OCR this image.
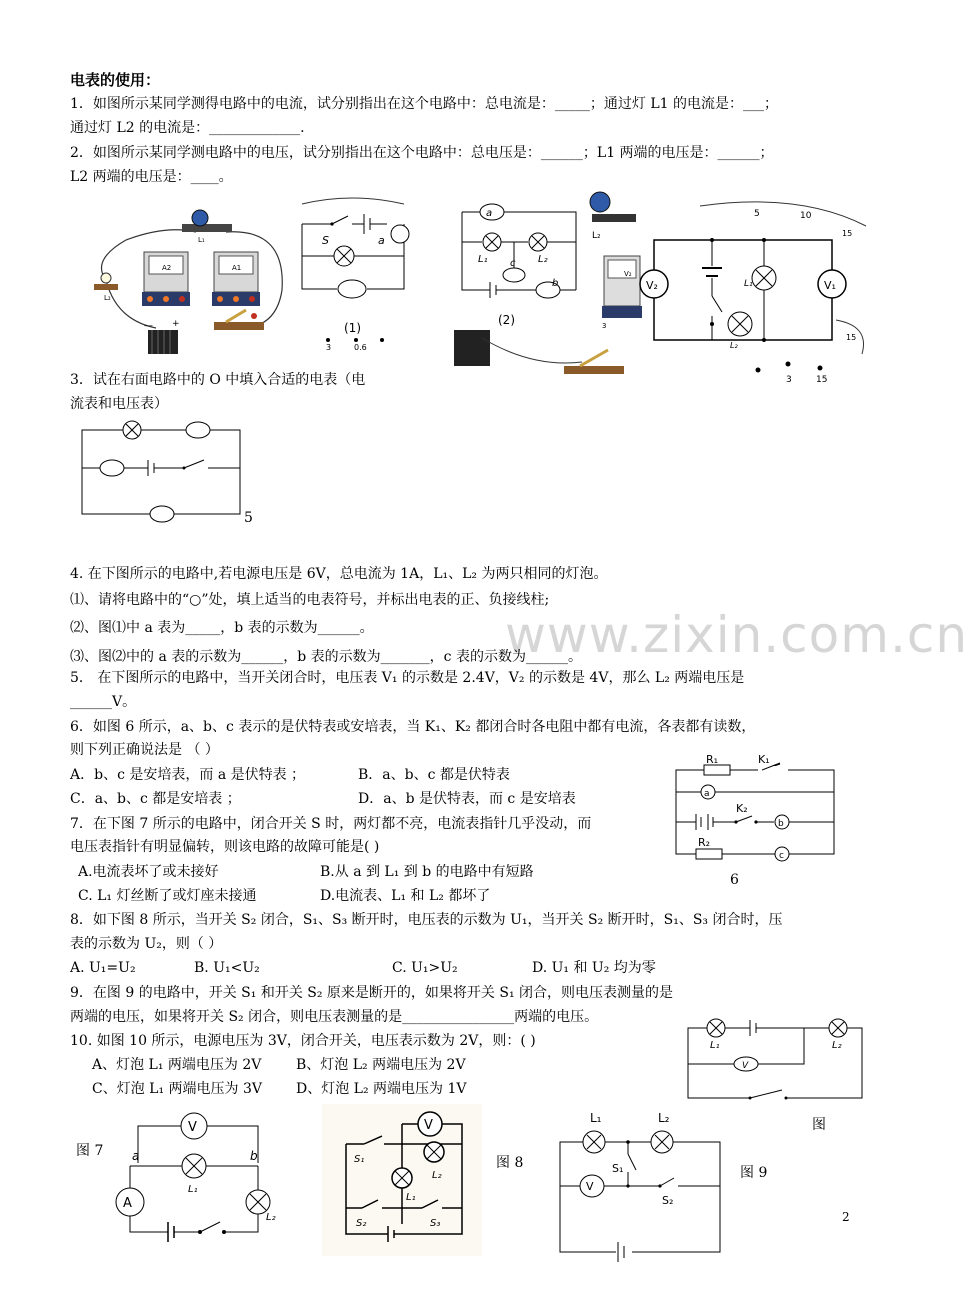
www.zixin.com.cn
电表的使用：
1．如图所示某同学测得电路中的电流，试分别指出在这个电路中：总电流是：_____；通过灯 L1 的电流是：___；
通过灯 L2 的电流是：_____________.
2．如图所示某同学测电路中的电压，试分别指出在这个电路中：总电压是：______；L1 两端的电压是：______；
L2 两端的电压是：____。
3．试在右面电路中的 O 中填入合适的电表（电
流表和电压表）
4. 在下图所示的电路中,若电源电压是 6V，总电流为 1A，L₁、L₂ 为两只相同的灯泡。
⑴、请将电路中的“○”处，填上适当的电表符号，并标出电表的正、负接线柱;
⑵、图⑴中 a 表为_____，b 表的示数为______。
⑶、图⑵中的 a 表的示数为______，b 表的示数为_______，c 表的示数为______。
5． 在下图所示的电路中，当开关闭合时，电压表 V₁ 的示数是 2.4V，V₂ 的示数是 4V，那么 L₂ 两端电压是
______V。
6．如图 6 所示，a、b、c 表示的是伏特表或安培表，当 K₁、K₂ 都闭合时各电阻中都有电流，各表都有读数，
则下列正确说法是 （ ）
A．b、c 是安培表，而 a 是伏特表 ；	B．a、b、c 都是伏特表
C．a、b、c 都是安培表 ；	D．a、b 是伏特表，而 c 是安培表
7．在下图 7 所示的电路中，闭合开关 S 时，两灯都不亮，电流表指针几乎没动，而
电压表指针有明显偏转，则该电路的故障可能是( )
A.电流表坏了或未接好	B.从 a 到 L₁ 到 b 的电路中有短路
C. L₁ 灯丝断了或灯座未接通	D.电流表、L₁ 和 L₂ 都坏了
8．如下图 8 所示，当开关 S₂ 闭合，S₁、S₃ 断开时，电压表的示数为 U₁，当开关 S₂ 断开时，S₁、S₃ 闭合时，压
表的示数为 U₂，则（ ）
A. U₁=U₂	B. U₁<U₂	C. U₁>U₂	D. U₁ 和 U₂ 均为零
9．在图 9 的电路中，开关 S₁ 和开关 S₂ 原来是断开的，如果将开关 S₁ 闭合，则电压表测量的是
两端的电压，如果将开关 S₂ 闭合，则电压表测量的是________________两端的电压。
10. 如图 10 所示，电源电压为 3V，闭合开关，电压表示数为 2V，则：( )
A、灯泡 L₁ 两端电压为 2V B、灯泡 L₂ 两端电压为 2V
C、灯泡 L₁ 两端电压为 3V D、灯泡 L₂ 两端电压为 1V
L₁
A2	A1
L₂
— +
S	a
(1)
3	0.6
L₂
a
L₁	L₂
c
b
V₂
3
(2)
5	10
15
V₂	V₁
L₁
L₂
15
3	15
5
R₁	K₁
a
K₂
b
R₂
c
6
L₁	L₂
V
图
图 7
V
a	b
L₁
A
L₂
V
S₁
L₂
L₁
S₂	S₃
图 8
L₁	L₂
S₁
V
S₂
图 9
2
